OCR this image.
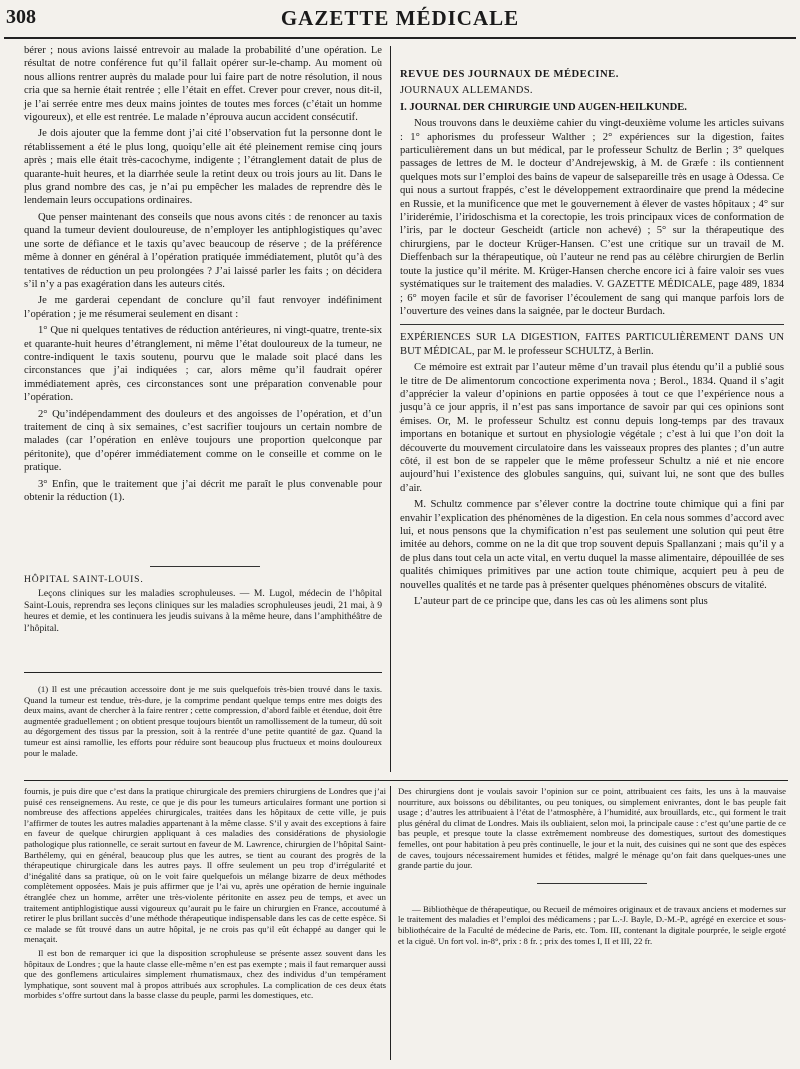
308	GAZETTE MÉDICALE

bérer ; nous avions laissé entrevoir au malade la probabilité d’une opération. Le résultat de notre conférence fut qu’il fallait opérer sur-le-champ. Au moment où nous allions rentrer auprès du malade pour lui faire part de notre résolution, il nous cria que sa hernie était rentrée ; elle l’était en effet. Crever pour crever, nous dit-il, je l’ai serrée entre mes deux mains jointes de toutes mes forces (c’était un homme vigoureux), et elle est rentrée. Le malade n’éprouva aucun accident consécutif.

Je dois ajouter que la femme dont j’ai cité l’observation fut la personne dont le rétablissement a été le plus long, quoiqu’elle ait été pleinement remise cinq jours après ; mais elle était très-cacochyme, indigente ; l’étranglement datait de plus de quarante-huit heures, et la diarrhée seule la retint deux ou trois jours au lit. Dans le plus grand nombre des cas, je n’ai pu empêcher les malades de reprendre dès le lendemain leurs occupations ordinaires.

Que penser maintenant des conseils que nous avons cités : de renoncer au taxis quand la tumeur devient douloureuse, de n’employer les antiphlogistiques qu’avec une sorte de défiance et le taxis qu’avec beaucoup de réserve ; de la préférence même à donner en général à l’opération pratiquée immédiatement, plutôt qu’à des tentatives de réduction un peu prolongées ? J’ai laissé parler les faits ; on décidera s’il n’y a pas exagération dans les auteurs cités.

Je me garderai cependant de conclure qu’il faut renvoyer indéfiniment l’opération ; je me résumerai seulement en disant :

1° Que ni quelques tentatives de réduction antérieures, ni vingt-quatre, trente-six et quarante-huit heures d’étranglement, ni même l’état douloureux de la tumeur, ne contre-indiquent le taxis soutenu, pourvu que le malade soit placé dans les circonstances que j’ai indiquées ; car, alors même qu’il faudrait opérer immédiatement après, ces circonstances sont une préparation convenable pour l’opération.

2° Qu’indépendamment des douleurs et des angoisses de l’opération, et d’un traitement de cinq à six semaines, c’est sacrifier toujours un certain nombre de malades (car l’opération en enlève toujours une proportion quelconque par péritonite), que d’opérer immédiatement comme on le conseille et comme on le pratique.

3° Enfin, que le traitement que j’ai décrit me paraît le plus convenable pour obtenir la réduction (1).

HÔPITAL SAINT-LOUIS.

Leçons cliniques sur les maladies scrophuleuses. — M. Lugol, médecin de l’hôpital Saint-Louis, reprendra ses leçons cliniques sur les maladies scrophuleuses jeudi, 21 mai, à 9 heures et demie, et les continuera les jeudis suivans à la même heure, dans l’amphithéâtre de l’hôpital.

(1) Il est une précaution accessoire dont je me suis quelquefois très-bien trouvé dans le taxis. Quand la tumeur est tendue, très-dure, je la comprime pendant quelque temps entre mes doigts des deux mains, avant de chercher à la faire rentrer ; cette compression, d’abord faible et étendue, doit être augmentée graduellement ; on obtient presque toujours bientôt un ramollissement de la tumeur, dû soit au dégorgement des tissus par la pression, soit à la rentrée d’une petite quantité de gaz. Quand la tumeur est ainsi ramollie, les efforts pour réduire sont beaucoup plus fructueux et moins douloureux pour le malade.

REVUE DES JOURNAUX DE MÉDECINE.

JOURNAUX ALLEMANDS.

I. JOURNAL DER CHIRURGIE UND AUGEN-HEILKUNDE.

Nous trouvons dans le deuxième cahier du vingt-deuxième volume les articles suivans : 1° aphorismes du professeur Walther ; 2° expériences sur la digestion, faites particulièrement dans un but médical, par le professeur Schultz de Berlin ; 3° quelques passages de lettres de M. le docteur d’Andrejewskig, à M. de Græfe : ils contiennent quelques mots sur l’emploi des bains de vapeur de salsepareille très en usage à Odessa. Ce qui nous a surtout frappés, c’est le développement extraordinaire que prend la médecine en Russie, et la munificence que met le gouvernement à élever de vastes hôpitaux ; 4° sur l’iriderémie, l’iridoschisma et la corectopie, les trois principaux vices de conformation de l’iris, par le docteur Gescheidt (article non achevé) ; 5° sur la thérapeutique des chirurgiens, par le docteur Krüger-Hansen. C’est une critique sur un travail de M. Dieffenbach sur la thérapeutique, où l’auteur ne rend pas au célèbre chirurgien de Berlin toute la justice qu’il mérite. M. Krüger-Hansen cherche encore ici à faire valoir ses vues systématiques sur le traitement des maladies. V. GAZETTE MÉDICALE, page 489, 1834 ; 6° moyen facile et sûr de favoriser l’écoulement de sang qui manque parfois lors de l’ouverture des veines dans la saignée, par le docteur Burdach.

EXPÉRIENCES SUR LA DIGESTION, FAITES PARTICULIÈREMENT DANS UN BUT MÉDICAL, par M. le professeur SCHULTZ, à Berlin.

Ce mémoire est extrait par l’auteur même d’un travail plus étendu qu’il a publié sous le titre de De alimentorum concoctione experimenta nova ; Berol., 1834. Quand il s’agit d’apprécier la valeur d’opinions en partie opposées à tout ce que l’expérience nous a jusqu’à ce jour appris, il n’est pas sans importance de savoir par qui ces opinions sont émises. Or, M. le professeur Schultz est connu depuis long-temps par des travaux importans en botanique et surtout en physiologie végétale ; c’est à lui que l’on doit la découverte du mouvement circulatoire dans les vaisseaux propres des plantes ; d’un autre côté, il est bon de se rappeler que le même professeur Schultz a nié et nie encore aujourd’hui l’existence des globules sanguins, qui, suivant lui, ne sont que des bulles d’air.

M. Schultz commence par s’élever contre la doctrine toute chimique qui a fini par envahir l’explication des phénomènes de la digestion. En cela nous sommes d’accord avec lui, et nous pensons que la chymification n’est pas seulement une solution qui peut être imitée au dehors, comme on ne la dit que trop souvent depuis Spallanzani ; mais qu’il y a de plus dans tout cela un acte vital, en vertu duquel la masse alimentaire, dépouillée de ses qualités chimiques primitives par une action toute chimique, acquiert peu à peu de nouvelles qualités et ne tarde pas à présenter quelques phénomènes obscurs de vitalité.

L’auteur part de ce principe que, dans les cas où les alimens sont plus

fournis, je puis dire que c’est dans la pratique chirurgicale des premiers chirurgiens de Londres que j’ai puisé ces renseignemens. Au reste, ce que je dis pour les tumeurs articulaires formant une portion si nombreuse des affections appelées chirurgicales, traitées dans les hôpitaux de cette ville, je puis l’affirmer de toutes les autres maladies appartenant à la même classe. S’il y avait des exceptions à faire en faveur de quelque chirurgien appliquant à ces maladies des considérations de physiologie pathologique plus rationnelle, ce serait surtout en faveur de M. Lawrence, chirurgien de l’hôpital Saint-Barthélemy, qui en général, beaucoup plus que les autres, se tient au courant des progrès de la thérapeutique chirurgicale dans les autres pays. Il offre seulement un peu trop d’irrégularité et d’inégalité dans sa pratique, où on le voit faire quelquefois un mélange bizarre de deux méthodes complètement opposées. Mais je puis affirmer que je l’ai vu, après une opération de hernie inguinale étranglée chez un homme, arrêter une très-violente péritonite en assez peu de temps, et avec un traitement antiphlogistique aussi vigoureux qu’aurait pu le faire un chirurgien en France, accoutumé à retirer le plus brillant succès d’une méthode thérapeutique indispensable dans les cas de cette espèce. Si ce malade se fût trouvé dans un autre hôpital, je ne crois pas qu’il eût échappé au danger qui le menaçait.

Il est bon de remarquer ici que la disposition scrophuleuse se présente assez souvent dans les hôpitaux de Londres ; que la haute classe elle-même n’en est pas exempte ; mais il faut remarquer aussi que des gonflemens articulaires simplement rhumatismaux, chez des individus d’un tempérament lymphatique, sont souvent mal à propos attribués aux scrophules. La complication de ces deux états morbides s’offre surtout dans la basse classe du peuple, parmi les domestiques, etc.

Des chirurgiens dont je voulais savoir l’opinion sur ce point, attribuaient ces faits, les uns à la mauvaise nourriture, aux boissons ou débilitantes, ou peu toniques, ou simplement enivrantes, dont le bas peuple fait usage ; d’autres les attribuaient à l’état de l’atmosphère, à l’humidité, aux brouillards, etc., qui forment le trait plus général du climat de Londres. Mais ils oubliaient, selon moi, la principale cause : c’est qu’une partie de ce bas peuple, et presque toute la classe extrêmement nombreuse des domestiques, surtout des domestiques femelles, ont pour habitation à peu près continuelle, le jour et la nuit, des cuisines qui ne sont que des espèces de caves, toujours nécessairement humides et fétides, malgré le ménage qu’on fait dans quelques-unes une grande partie du jour.

— Bibliothèque de thérapeutique, ou Recueil de mémoires originaux et de travaux anciens et modernes sur le traitement des maladies et l’emploi des médicamens ; par L.-J. Bayle, D.-M.-P., agrégé en exercice et sous-bibliothécaire de la Faculté de médecine de Paris, etc. Tom. III, contenant la digitale pourprée, le seigle ergoté et la ciguë. Un fort vol. in-8°, prix : 8 fr. ; prix des tomes I, II et III, 22 fr.
